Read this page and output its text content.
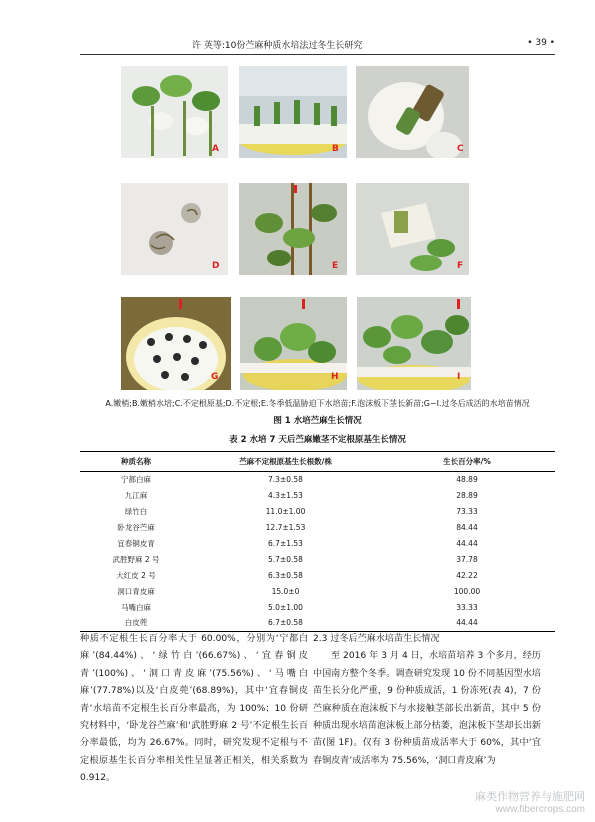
许 英等:10份苎麻种质水培法过冬生长研究	• 39 •
A	B	C
D	E	F
G	H	I
A.嫩梢;B.嫩梢水培;C.不定根原基;D.不定根;E.冬季低温胁迫下水培苗;F.泡沫板下茎长新苗;G~I.过冬后成活的水培苗情况
图 1 水培苎麻生长情况
表 2 水培 7 天后苎麻嫩茎不定根原基生长情况
种质名称	苎麻不定根原基生长根数/株	生长百分率/%
宁都白麻	7.3±0.58	48.89
九江麻	4.3±1.53	28.89
绿竹白	11.0±1.00	73.33
卧龙谷苎麻	12.7±1.53	84.44
宜春铜皮青	6.7±1.53	44.44
武胜野麻 2 号	5.7±0.58	37.78
大红皮 2 号	6.3±0.58	42.22
洞口青皮麻	15.0±0	100.00
马嘴白麻	5.0±1.00	33.33
白皮蔸	6.7±0.58	44.44

种质不定根生长百分率大于 60.00%，分别为‘宁都白麻’(84.44%)、‘绿竹白’(66.67%)、‘宜春铜皮青’(100%)、‘洞口青皮麻’(75.56%)、‘马嘴白麻’(77.78%)以及‘白皮蔸’(68.89%)，其中‘宜春铜皮青’水培苗不定根生长百分率最高，为 100%；10 份研究材料中，‘卧龙谷苎麻’和‘武胜野麻 2 号’不定根生长百分率最低，均为 26.67%。同时，研究发现不定根与不定根原基生长百分率相关性呈显著正相关，相关系数为 0.912。

2.3 过冬后苎麻水培苗生长情况

至 2016 年 3 月 4 日，水培苗培养 3 个多月，经历中国南方整个冬季。调查研究发现 10 份不同基因型水培苗生长分化严重，9 份种质成活，1 份冻死(表 4)，7 份苎麻种质在泡沫板下与水接触茎部长出新苗，其中 5 份种质出现水培苗泡沫板上部分枯萎，泡沫板下茎却长出新苗(图 1F)。仅有 3 份种质苗成活率大于 60%，其中‘宜春铜皮青’成活率为 75.56%，‘洞口青皮麻’为

麻类作物营养与施肥网
www.fibercrops.com
